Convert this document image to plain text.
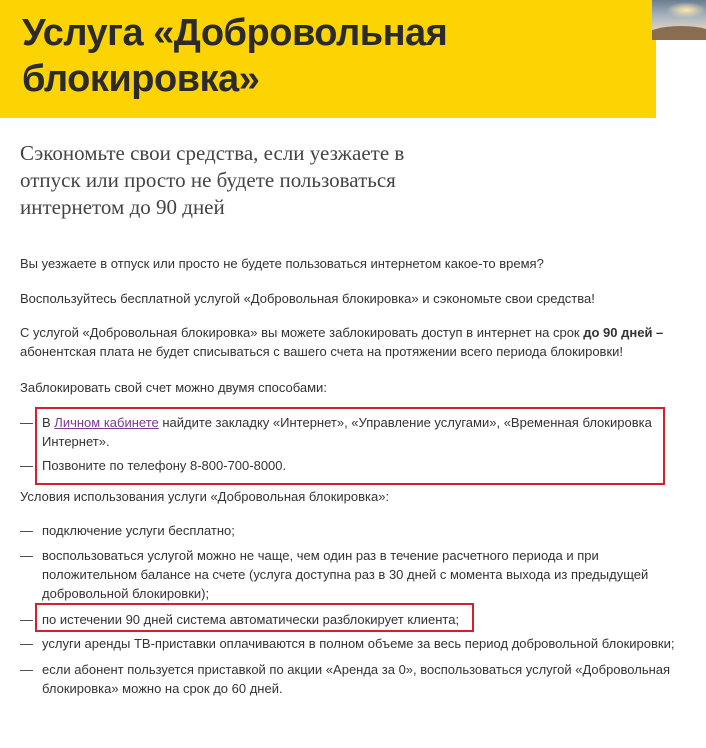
Услуга «Добровольная
блокировка»
Сэкономьте свои средства, если уезжаете в отпуск или просто не будете пользоваться интернетом до 90 дней

Вы уезжаете в отпуск или просто не будете пользоваться интернетом какое-то время?

Воспользуйтесь бесплатной услугой «Добровольная блокировка» и сэкономьте свои средства!

С услугой «Добровольная блокировка» вы можете заблокировать доступ в интернет на срок до 90 дней – абонентская плата не будет списываться с вашего счета на протяжении всего периода блокировки!

Заблокировать свой счет можно двумя способами:

— В Личном кабинете найдите закладку «Интернет», «Управление услугами», «Временная блокировка Интернет».
— Позвоните по телефону 8-800-700-8000.

Условия использования услуги «Добровольная блокировка»:

— подключение услуги бесплатно;
— воспользоваться услугой можно не чаще, чем один раз в течение расчетного периода и при положительном балансе на счете (услуга доступна раз в 30 дней с момента выхода из предыдущей добровольной блокировки);
— по истечении 90 дней система автоматически разблокирует клиента;
— услуги аренды ТВ-приставки оплачиваются в полном объеме за весь период добровольной блокировки;
— если абонент пользуется приставкой по акции «Аренда за 0», воспользоваться услугой «Добровольная блокировка» можно на срок до 60 дней.
